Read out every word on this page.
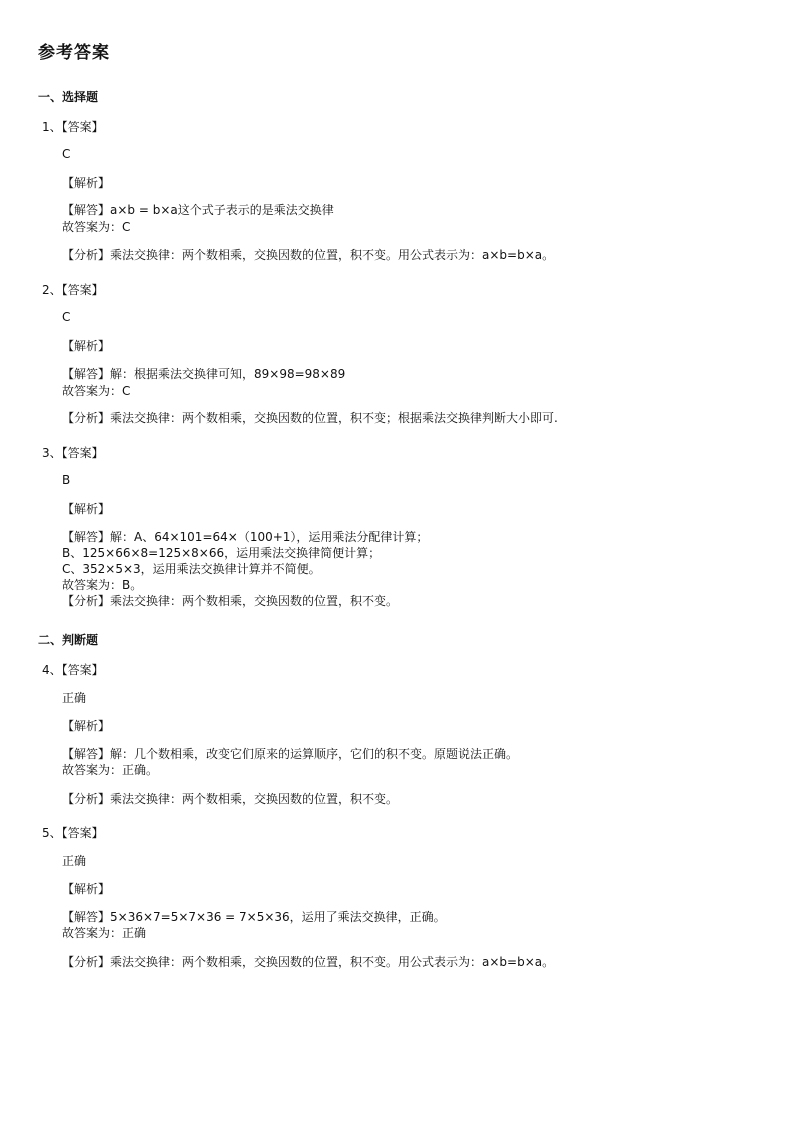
参考答案
一、选择题
1、【答案】
C
【解析】
【解答】a×b = b×a这个式子表示的是乘法交换律
故答案为：C
【分析】乘法交换律：两个数相乘，交换因数的位置，积不变。用公式表示为：a×b=b×a。
2、【答案】
C
【解析】
【解答】解：根据乘法交换律可知，89×98=98×89
故答案为：C
【分析】乘法交换律：两个数相乘，交换因数的位置，积不变；根据乘法交换律判断大小即可.
3、【答案】
B
【解析】
【解答】解：A、64×101=64×（100+1），运用乘法分配律计算；
B、125×66×8=125×8×66，运用乘法交换律简便计算；
C、352×5×3，运用乘法交换律计算并不简便。
故答案为：B。
【分析】乘法交换律：两个数相乘，交换因数的位置，积不变。
二、判断题
4、【答案】
正确
【解析】
【解答】解：几个数相乘，改变它们原来的运算顺序，它们的积不变。原题说法正确。
故答案为：正确。
【分析】乘法交换律：两个数相乘，交换因数的位置，积不变。
5、【答案】
正确
【解析】
【解答】5×36×7=5×7×36 = 7×5×36，运用了乘法交换律，正确。
故答案为：正确
【分析】乘法交换律：两个数相乘，交换因数的位置，积不变。用公式表示为：a×b=b×a。
